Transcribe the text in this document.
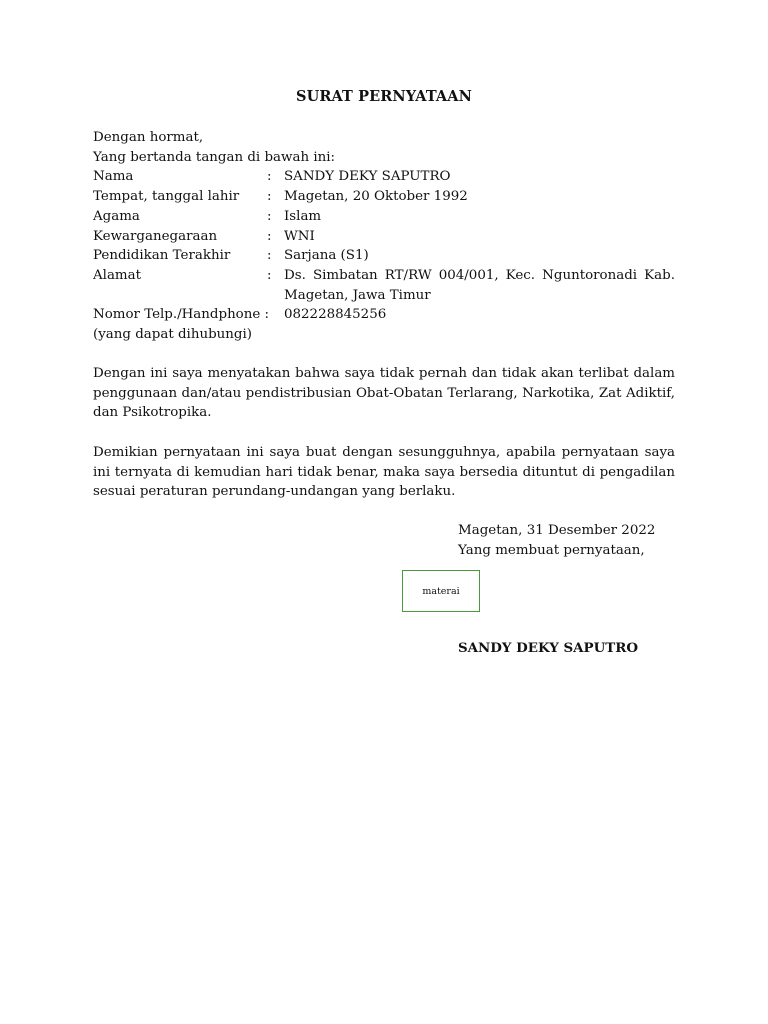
SURAT PERNYATAAN
Dengan hormat,
Yang bertanda tangan di bawah ini:
Nama	: SANDY DEKY SAPUTRO
Tempat, tanggal lahir	: Magetan, 20 Oktober 1992
Agama	: Islam
Kewarganegaraan	: WNI
Pendidikan Terakhir	: Sarjana (S1)
Alamat	: Ds. Simbatan RT/RW 004/001, Kec. Nguntoronadi Kab. Magetan, Jawa Timur
Nomor Telp./Handphone :	082228845256
(yang dapat dihubungi)
Dengan ini saya menyatakan bahwa saya tidak pernah dan tidak akan terlibat dalam penggunaan dan/atau pendistribusian Obat-Obatan Terlarang, Narkotika, Zat Adiktif, dan Psikotropika.
Demikian pernyataan ini saya buat dengan sesungguhnya, apabila pernyataan saya ini ternyata di kemudian hari tidak benar, maka saya bersedia dituntut di pengadilan sesuai peraturan perundang-undangan yang berlaku.
Magetan, 31 Desember 2022
Yang membuat pernyataan,
materai
SANDY DEKY SAPUTRO
